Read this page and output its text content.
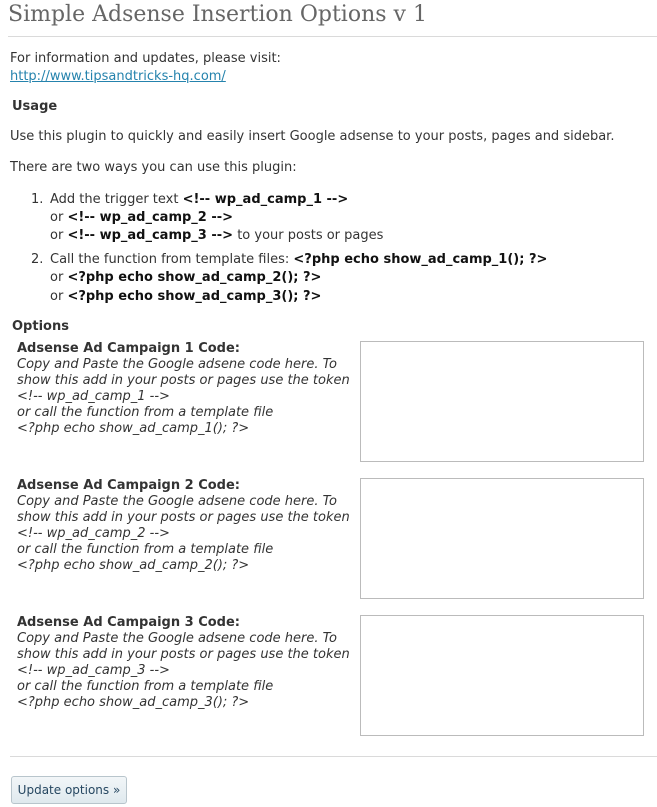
Simple Adsense Insertion Options v 1
For information and updates, please visit:
http://www.tipsandtricks-hq.com/
Usage
Use this plugin to quickly and easily insert Google adsense to your posts, pages and sidebar.
There are two ways you can use this plugin:
1. Add the trigger text <!-- wp_ad_camp_1 -->
or <!-- wp_ad_camp_2 -->
or <!-- wp_ad_camp_3 --> to your posts or pages
2. Call the function from template files: <?php echo show_ad_camp_1(); ?>
or <?php echo show_ad_camp_2(); ?>
or <?php echo show_ad_camp_3(); ?>
Options
Adsense Ad Campaign 1 Code:
Copy and Paste the Google adsene code here. To
show this add in your posts or pages use the token
<!-- wp_ad_camp_1 -->
or call the function from a template file
<?php echo show_ad_camp_1(); ?>
Adsense Ad Campaign 2 Code:
Copy and Paste the Google adsene code here. To
show this add in your posts or pages use the token
<!-- wp_ad_camp_2 -->
or call the function from a template file
<?php echo show_ad_camp_2(); ?>
Adsense Ad Campaign 3 Code:
Copy and Paste the Google adsene code here. To
show this add in your posts or pages use the token
<!-- wp_ad_camp_3 -->
or call the function from a template file
<?php echo show_ad_camp_3(); ?>
Update options »
